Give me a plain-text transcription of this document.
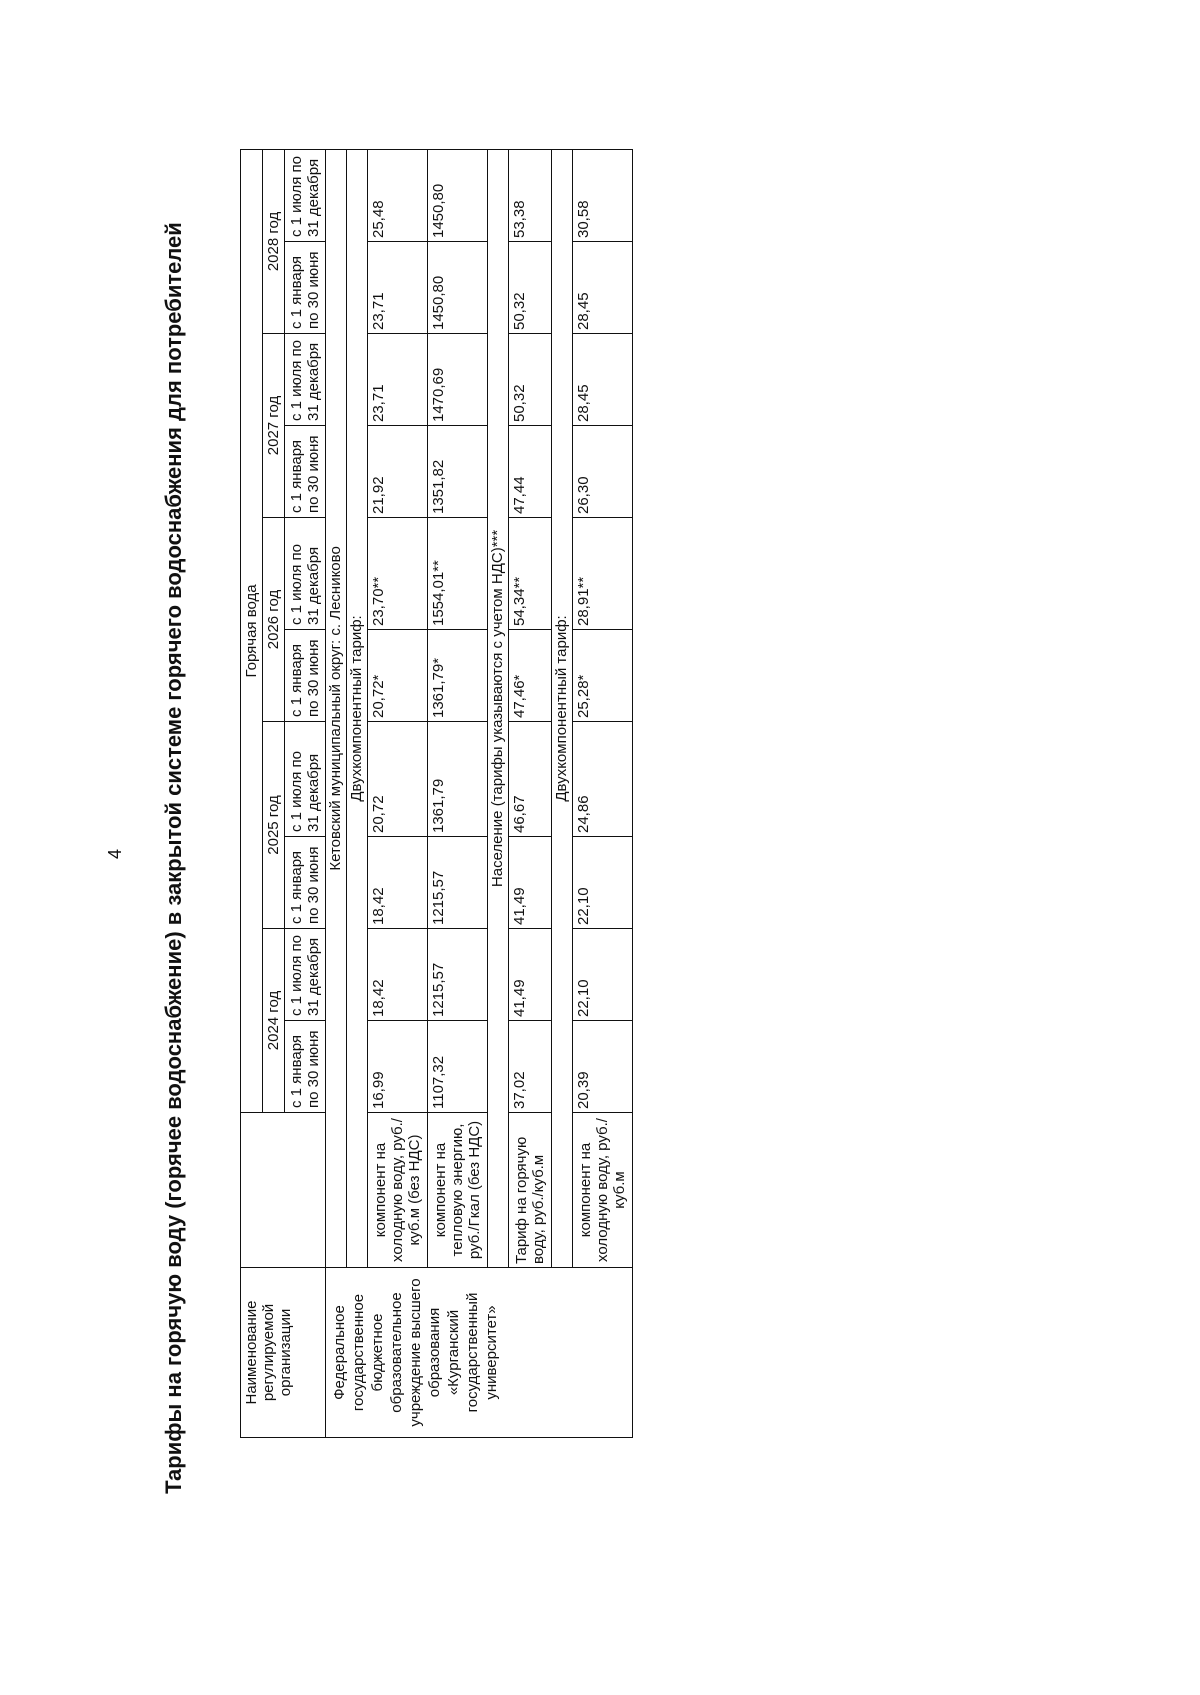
4	Тарифы на горячую воду (горячее водоснабжение) в закрытой системе горячего водоснабжения для потребителей	Наименование регулируемой организации		Горячая вода									
		2024 год		2025 год		2026 год		2027 год		2028 год	

		с 1 января по 30 июня	с 1 июля по 31 декабря	с 1 января по 30 июня	с 1 июля по 31 декабря	с 1 января по 30 июня	с 1 июля по 31 декабря	с 1 января по 30 июня	с 1 июля по 31 декабря	с 1 января по 30 июня	с 1 июля по 31 декабря

Федеральное государственное бюджетное образовательное учреждение высшего образования «Курганский государственный университет»	Кетовский муниципальный округ: с. Лесниково										
	Двухкомпонентный тариф:										
	компонент на холодную воду, руб./куб.м (без НДС)	16,99	18,42	18,42	20,72	20,72*	23,70**	21,92	23,71	23,71	25,48
	компонент на тепловую энергию, руб./Гкал (без НДС)	1107,32	1215,57	1215,57	1361,79	1361,79*	1554,01**	1351,82	1470,69	1450,80	1450,80
	Население (тарифы указываются с учетом НДС)***										
	Тариф на горячую воду, руб./куб.м	37,02	41,49	41,49	46,67	47,46*	54,34**	47,44	50,32	50,32	53,38
	Двухкомпонентный тариф:										
	компонент на холодную воду, руб./куб.м	20,39	22,10	22,10	24,86	25,28*	28,91**	26,30	28,45	28,45	30,58
